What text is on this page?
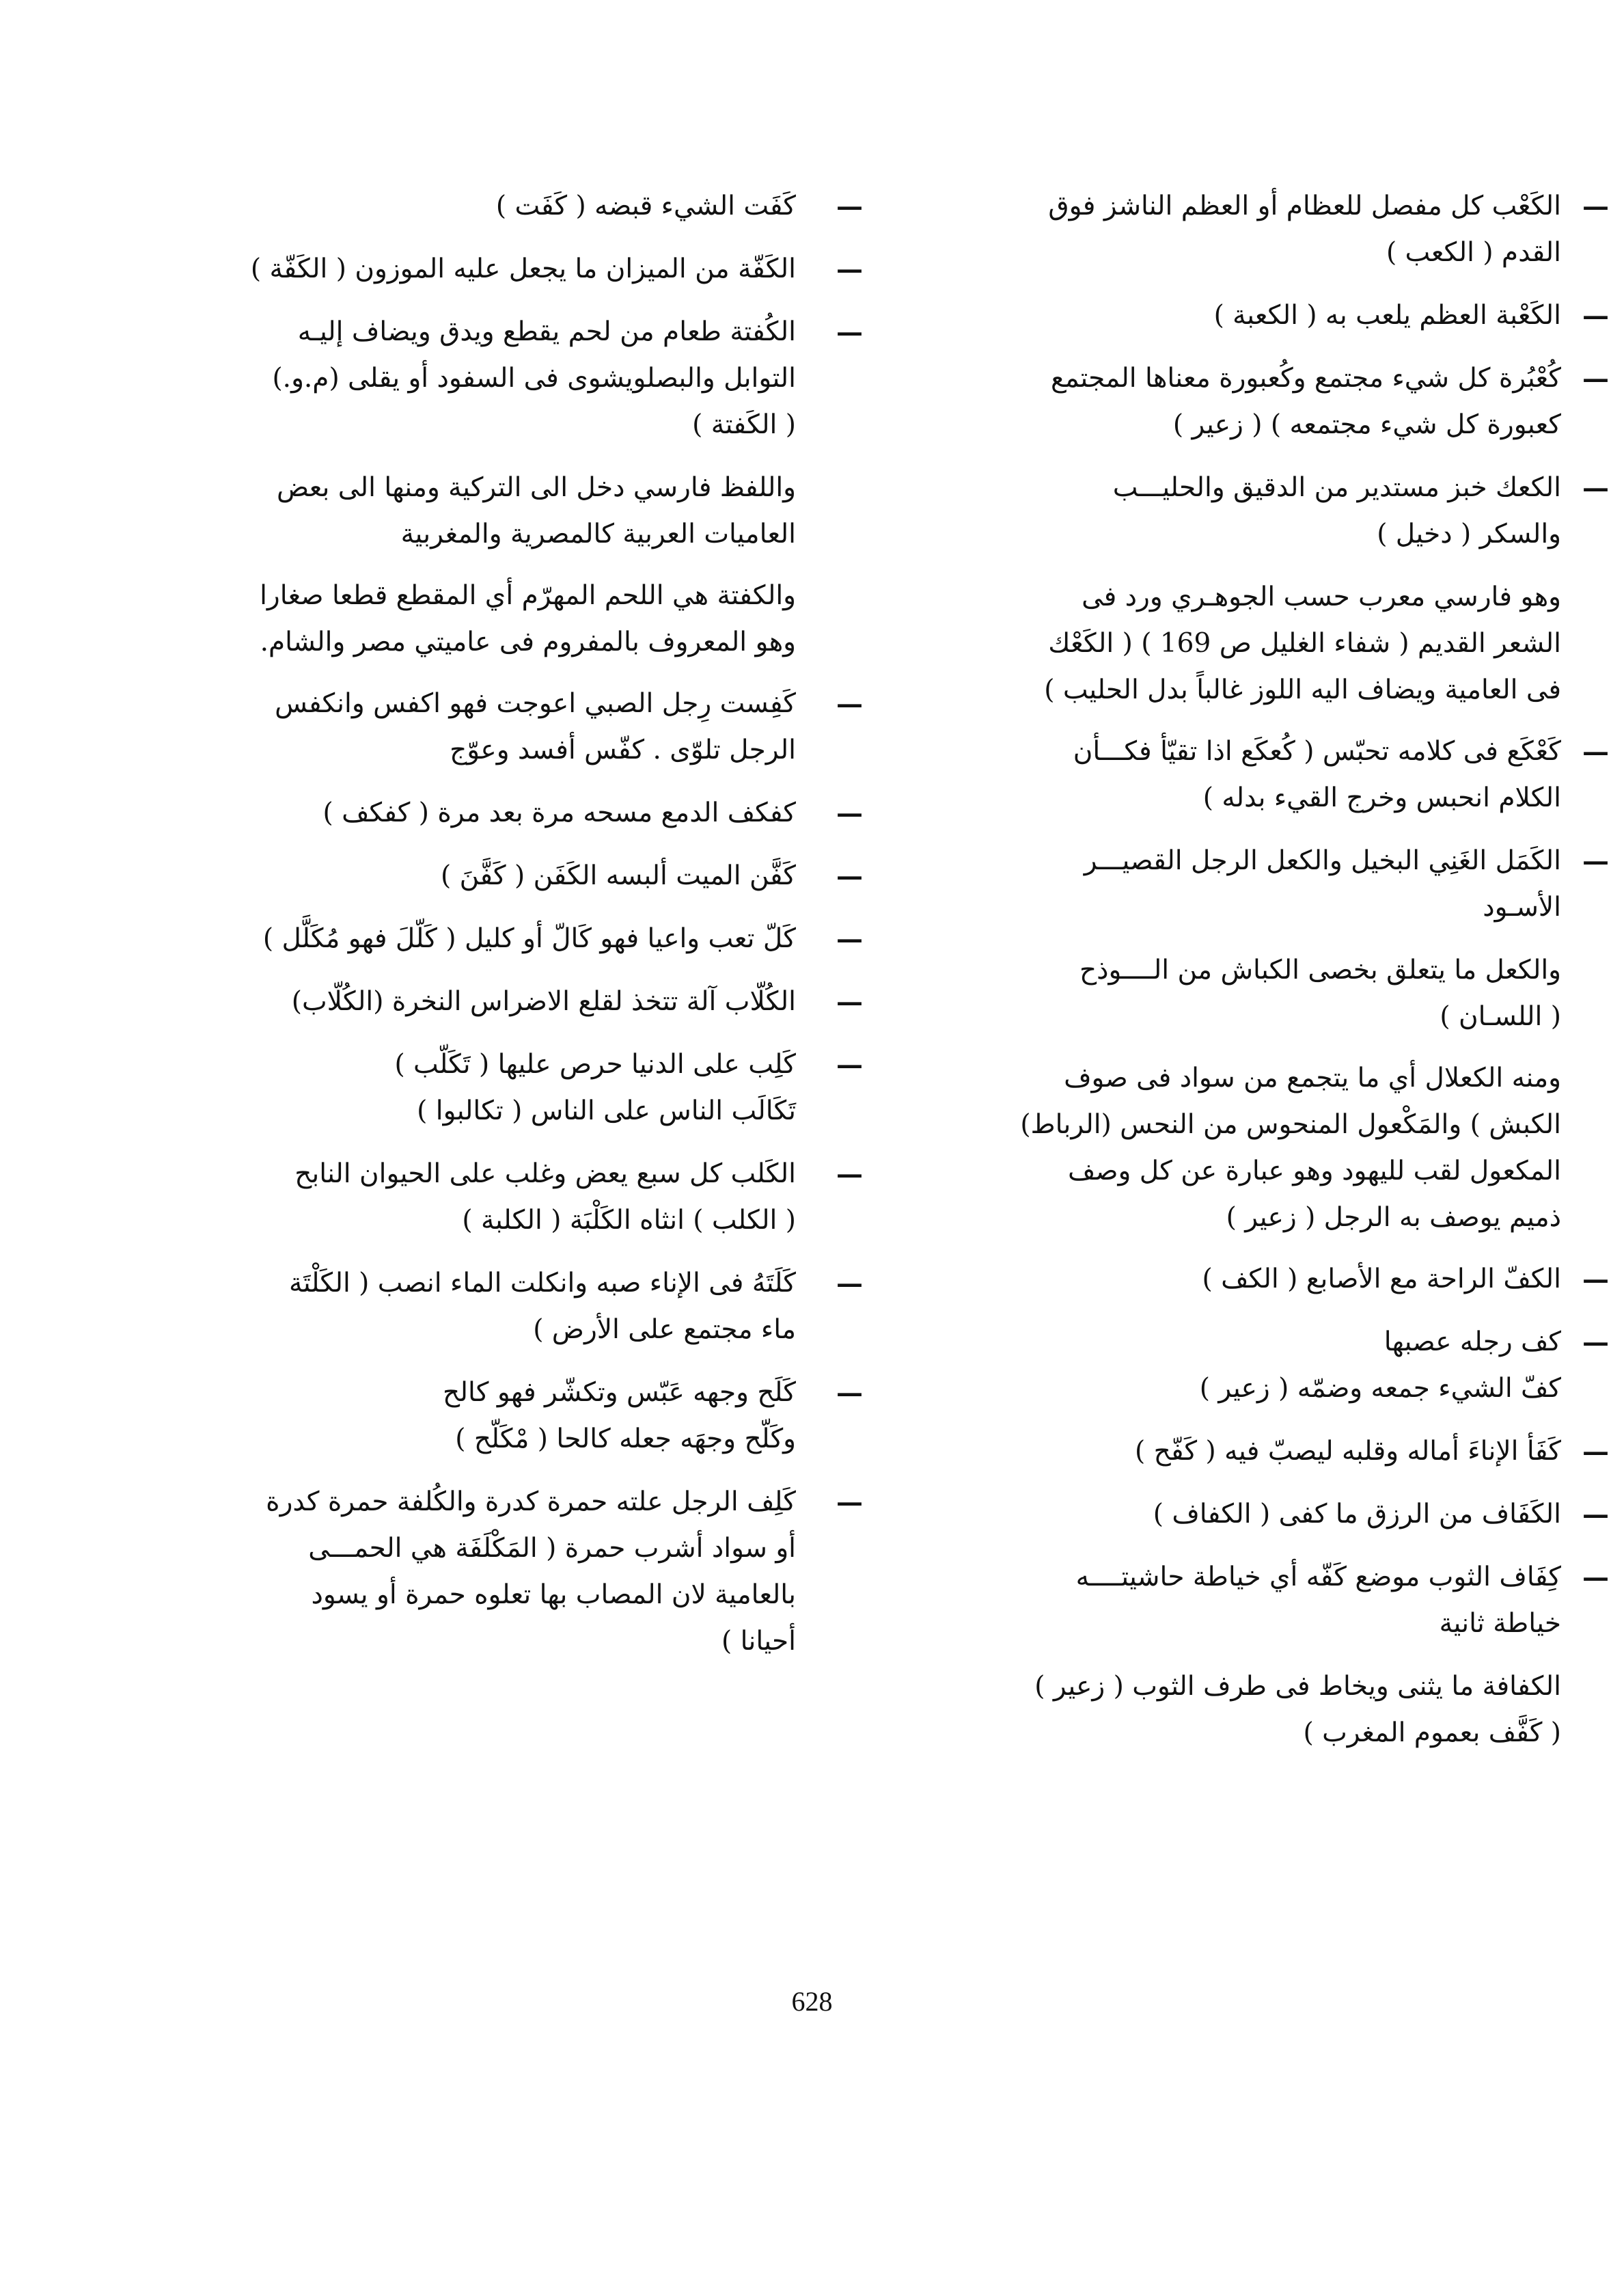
—
الكَعْب كل مفصل للعظام أو العظم الناشز فوق
القدم ( الكعب )
—
الكَعْبة العظم يلعب به ( الكعبة )
—
كُعْبُرة كل شيء مجتمع وكُعبورة معناها المجتمع
كعبورة كل شيء مجتمعه ) ( زعير )
—
الكعك خبز مستدير من الدقيق والحليـــب
والسكر ( دخيل )
وهو فارسي معرب حسب الجوهـري ورد فى
الشعر القديم ( شفاء الغليل ص 169 ) ( الكَعْك
فى العامية ويضاف اليه اللوز غالباً بدل الحليب )
—
كَعْكَع فى كلامه تحبّس ( كُعكَع اذا تقيّأ فكـــأن
الكلام انحبس وخرج القيء بدله )
—
الكَمَل الغَنِي البخيل والكعل الرجل القصيـــر
الأسـود
والكعل ما يتعلق بخصى الكباش من الــــوذح
( اللسـان )
ومنه الكعلال أي ما يتجمع من سواد فى صوف
الكبش ) والمَكْعول المنحوس من النحس (الرباط)
المكعول لقب لليهود وهو عبارة عن كل وصف
ذميم يوصف به الرجل ( زعير )
—
الكفّ الراحة مع الأصابع ( الكف )
—
كف رجله عصبها
كفّ الشيء جمعه وضمّه ( زعير )
—
كَفَأ الإناءَ أماله وقلبه ليصبّ فيه ( كَفّح )
—
الكَفَاف من الرزق ما كفى ( الكفاف )
—
كِفَاف الثوب موضع كَفّه أي خياطة حاشيتــــه
خياطة ثانية
الكفافة ما يثنى ويخاط فى طرف الثوب ( زعير )
( كَفَّف بعموم المغرب )
—
كَفَت الشيء قبضه ( كَفَت )
—
الكَفّة من الميزان ما يجعل عليه الموزون ( الكَفّة )
—
الكُفتة طعام من لحم يقطع ويدق ويضاف إليـه
التوابل والبصلويشوى فى السفود أو يقلى (م.و.)
( الكَفتة )
واللفظ فارسي دخل الى التركية ومنها الى بعض
العاميات العربية كالمصرية والمغربية
والكفتة هي اللحم المهرّم أي المقطع قطعا صغارا
وهو المعروف بالمفروم فى عاميتي مصر والشام.
—
كَفِست رِجل الصبي اعوجت فهو اكفس وانكفس
الرجل تلوّى . كفّس أفسد وعوّج
—
كفكف الدمع مسحه مرة بعد مرة ( كفكف )
—
كَفَّن الميت ألبسه الكَفَن ( كَفَّنَ )
—
كَلّ تعب واعيا فهو كَالّ أو كليل ( كَلّلَ فهو مُكَلَّل )
—
الكُلّاب آلة تتخذ لقلع الاضراس النخرة (الكُلّاب)
—
كَلِب على الدنيا حرص عليها ( تَكَلّب )
تَكَالَب الناس على الناس ( تكالبوا )
—
الكَلب كل سبع يعض وغلب على الحيوان النابح
( الكلب ) انثاه الكَلْبَة ( الكلبة )
—
كَلَتَهُ فى الإناء صبه وانكلت الماء انصب ( الكَلْتَة
ماء مجتمع على الأرض )
—
كَلَح وجهه عَبّس وتكشّر فهو كالح
وكَلّح وجهَه جعله كالحا ( مْكَلّح )
—
كَلِف الرجل علته حمرة كدرة والكُلفة حمرة كدرة
أو سواد أشرب حمرة ( المَكْلَفَة هي الحمـــى
بالعامية لان المصاب بها تعلوه حمرة أو يسود
أحيانا )
628
